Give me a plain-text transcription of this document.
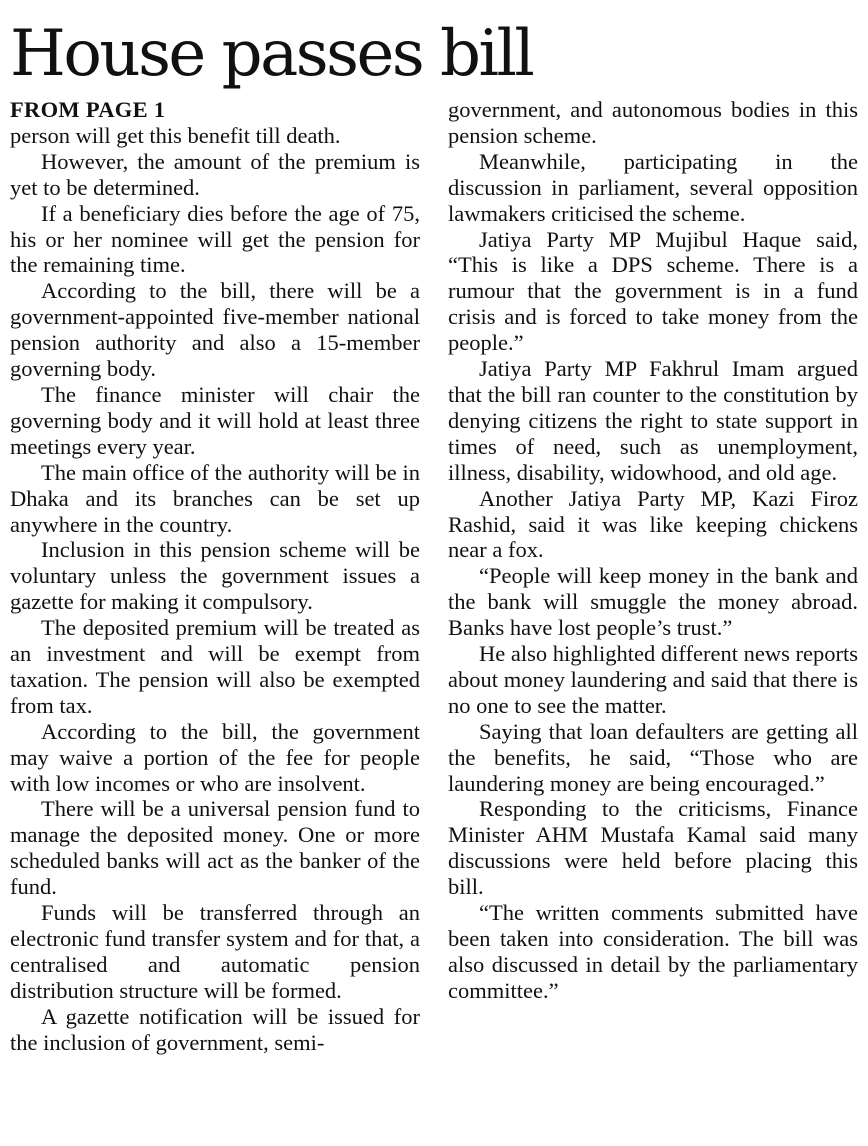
House passes bill

FROM PAGE 1

person will get this benefit till death.

However, the amount of the premium is yet to be determined.

If a beneficiary dies before the age of 75, his or her nominee will get the pension for the remaining time.

According to the bill, there will be a government-appointed five-member national pension authority and also a 15-member governing body.

The finance minister will chair the governing body and it will hold at least three meetings every year.

The main office of the authority will be in Dhaka and its branches can be set up anywhere in the country.

Inclusion in this pension scheme will be voluntary unless the government issues a gazette for making it compulsory.

The deposited premium will be treated as an investment and will be exempt from taxation. The pension will also be exempted from tax.

According to the bill, the government may waive a portion of the fee for people with low incomes or who are insolvent.

There will be a universal pension fund to manage the deposited money. One or more scheduled banks will act as the banker of the fund.

Funds will be transferred through an electronic fund transfer system and for that, a centralised and automatic pension distribution structure will be formed.

A gazette notification will be issued for the inclusion of government, semi-

government, and autonomous bodies in this pension scheme.

Meanwhile, participating in the discussion in parliament, several opposition lawmakers criticised the scheme.

Jatiya Party MP Mujibul Haque said, “This is like a DPS scheme. There is a rumour that the government is in a fund crisis and is forced to take money from the people.”

Jatiya Party MP Fakhrul Imam argued that the bill ran counter to the constitution by denying citizens the right to state support in times of need, such as unemployment, illness, disability, widowhood, and old age.

Another Jatiya Party MP, Kazi Firoz Rashid, said it was like keeping chickens near a fox.

“People will keep money in the bank and the bank will smuggle the money abroad. Banks have lost people’s trust.”

He also highlighted different news reports about money laundering and said that there is no one to see the matter.

Saying that loan defaulters are getting all the benefits, he said, “Those who are laundering money are being encouraged.”

Responding to the criticisms, Finance Minister AHM Mustafa Kamal said many discussions were held before placing this bill.

“The written comments submitted have been taken into consideration. The bill was also discussed in detail by the parliamentary committee.”
